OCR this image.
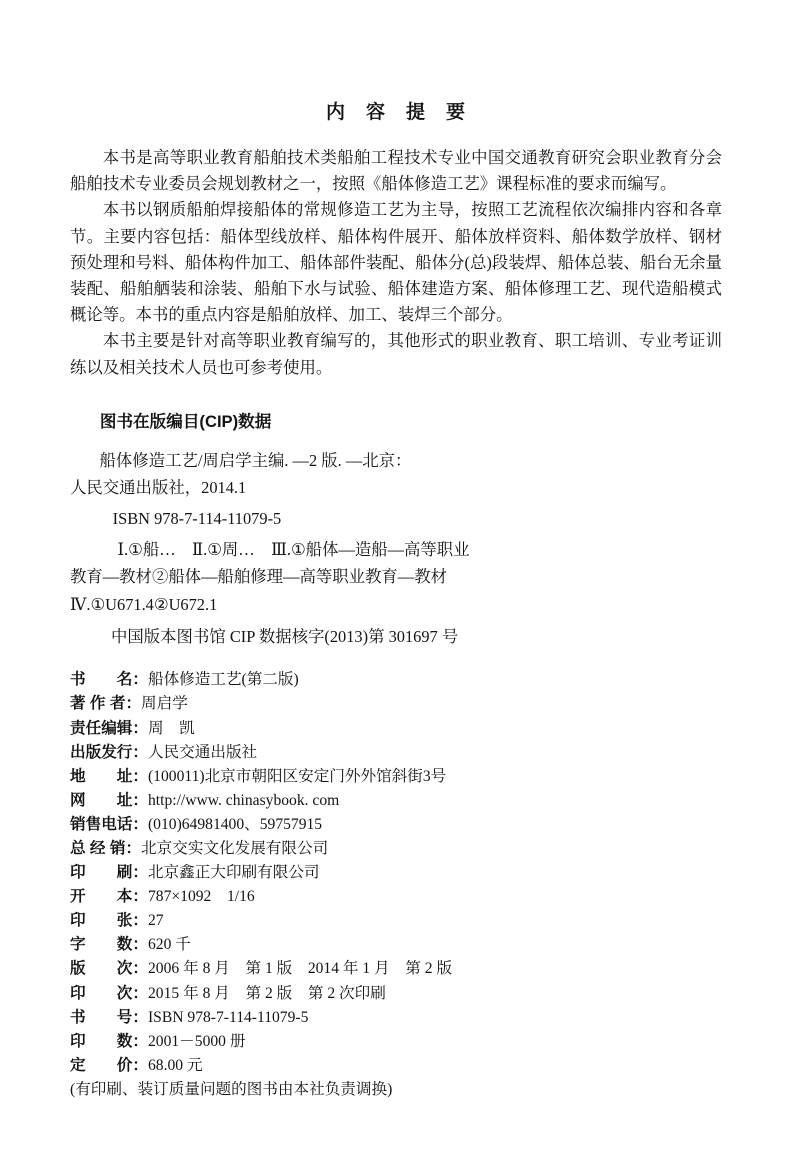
内　容　提　要

本书是高等职业教育船舶技术类船舶工程技术专业中国交通教育研究会职业教育分会船舶技术专业委员会规划教材之一，按照《船体修造工艺》课程标准的要求而编写。

本书以钢质船舶焊接船体的常规修造工艺为主导，按照工艺流程依次编排内容和各章节。主要内容包括：船体型线放样、船体构件展开、船体放样资料、船体数学放样、钢材预处理和号料、船体构件加工、船体部件装配、船体分(总)段装焊、船体总装、船台无余量装配、船舶舾装和涂装、船舶下水与试验、船体建造方案、船体修理工艺、现代造船模式概论等。本书的重点内容是船舶放样、加工、装焊三个部分。

本书主要是针对高等职业教育编写的，其他形式的职业教育、职工培训、专业考证训练以及相关技术人员也可参考使用。

图书在版编目(CIP)数据

船体修造工艺/周启学主编. —2 版. —北京：

人民交通出版社，2014.1

ISBN 978-7-114-11079-5

Ⅰ.①船…　Ⅱ.①周…　Ⅲ.①船体—造船—高等职业

教育—教材②船体—船舶修理—高等职业教育—教材

Ⅳ.①U671.4②U672.1

中国版本图书馆 CIP 数据核字(2013)第 301697 号
书　　名：船体修造工艺(第二版)
著 作 者：周启学
责任编辑：周　凯
出版发行：人民交通出版社
地　　址：(100011)北京市朝阳区安定门外外馆斜街3号
网　　址：http://www. chinasybook. com
销售电话：(010)64981400、59757915
总 经 销：北京交实文化发展有限公司
印　　刷：北京鑫正大印刷有限公司
开　　本：787×1092　1/16
印　　张：27
字　　数：620 千
版　　次：2006 年 8 月　第 1 版　2014 年 1 月　第 2 版
印　　次：2015 年 8 月　第 2 版　第 2 次印刷
书　　号：ISBN 978-7-114-11079-5
印　　数：2001－5000 册
定　　价：68.00 元
(有印刷、装订质量问题的图书由本社负责调换)
